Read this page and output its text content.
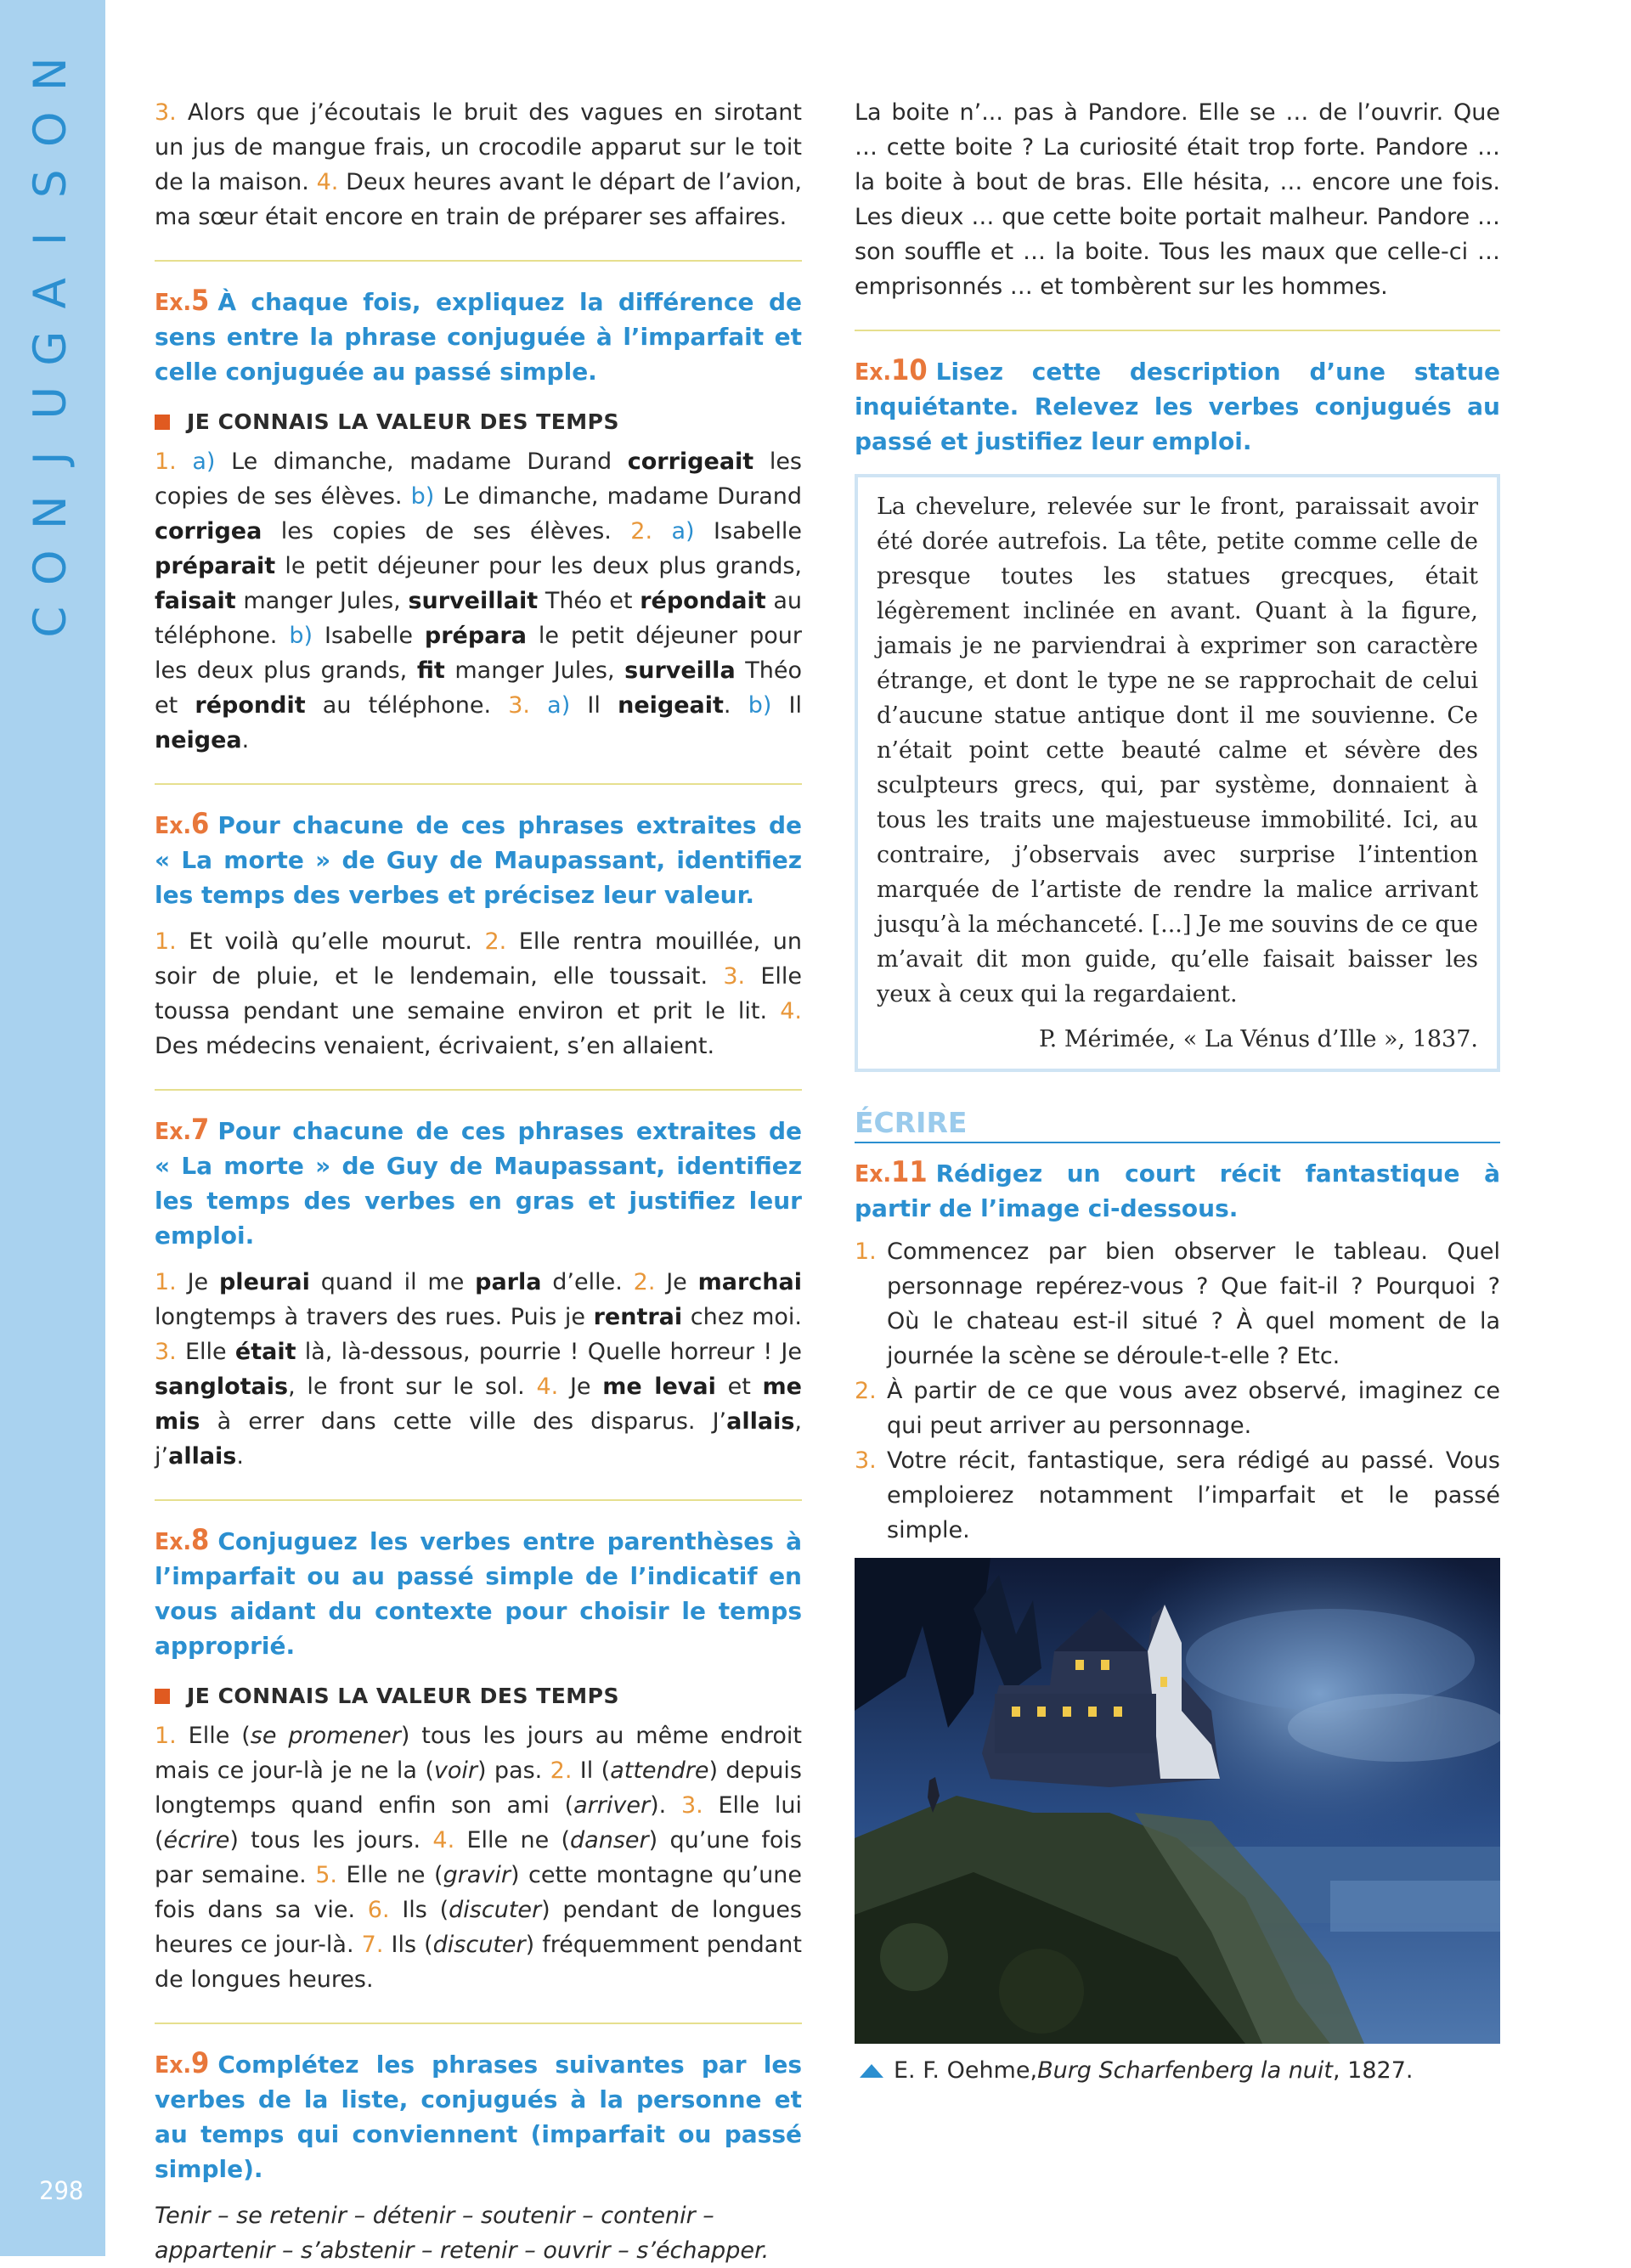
N
O
S
I
A
G
U
J
N
O
C
298

3. Alors que j’écoutais le bruit des vagues en sirotant un jus de mangue frais, un crocodile apparut sur le toit de la maison. 4. Deux heures avant le départ de l’avion, ma sœur était encore en train de préparer ses affaires.

Ex.5 À chaque fois, expliquez la différence de sens entre la phrase conjuguée à l’imparfait et celle conjuguée au passé simple.

JE CONNAIS LA VALEUR DES TEMPS

1. a) Le dimanche, madame Durand corrigeait les copies de ses élèves. b) Le dimanche, madame Durand corrigea les copies de ses élèves. 2. a) Isabelle préparait le petit déjeuner pour les deux plus grands, faisait manger Jules, surveillait Théo et répondait au téléphone. b) Isabelle prépara le petit déjeuner pour les deux plus grands, fit manger Jules, surveilla Théo et répondit au téléphone. 3. a) Il neigeait. b) Il neigea.

Ex.6 Pour chacune de ces phrases extraites de « La morte » de Guy de Maupassant, identifiez les temps des verbes et précisez leur valeur.

1. Et voilà qu’elle mourut. 2. Elle rentra mouillée, un soir de pluie, et le lendemain, elle toussait. 3. Elle toussa pendant une semaine environ et prit le lit. 4. Des médecins venaient, écrivaient, s’en allaient.

Ex.7 Pour chacune de ces phrases extraites de « La morte » de Guy de Maupassant, identifiez les temps des verbes en gras et justifiez leur emploi.

1. Je pleurai quand il me parla d’elle. 2. Je marchai longtemps à travers des rues. Puis je rentrai chez moi. 3. Elle était là, là-dessous, pourrie ! Quelle horreur ! Je sanglotais, le front sur le sol. 4. Je me levai et me mis à errer dans cette ville des disparus. J’allais, j’allais.

Ex.8 Conjuguez les verbes entre parenthèses à l’imparfait ou au passé simple de l’indicatif en vous aidant du contexte pour choisir le temps approprié.

JE CONNAIS LA VALEUR DES TEMPS

1. Elle (se promener) tous les jours au même endroit mais ce jour-là je ne la (voir) pas. 2. Il (attendre) depuis longtemps quand enfin son ami (arriver). 3. Elle lui (écrire) tous les jours. 4. Elle ne (danser) qu’une fois par semaine. 5. Elle ne (gravir) cette montagne qu’une fois dans sa vie. 6. Ils (discuter) pendant de longues heures ce jour-là. 7. Ils (discuter) fréquemment pendant de longues heures.

Ex.9 Complétez les phrases suivantes par les verbes de la liste, conjugués à la personne et au temps qui conviennent (imparfait ou passé simple).

Tenir – se retenir – détenir – soutenir – contenir – appartenir – s’abstenir – retenir – ouvrir – s’échapper.

La boite n’... pas à Pandore. Elle se … de l’ouvrir. Que … cette boite ? La curiosité était trop forte. Pandore … la boite à bout de bras. Elle hésita, … encore une fois. Les dieux … que cette boite portait malheur. Pandore … son souffle et … la boite. Tous les maux que celle-ci … emprisonnés … et tombèrent sur les hommes.

Ex.10 Lisez cette description d’une statue inquiétante. Relevez les verbes conjugués au passé et justifiez leur emploi.

La chevelure, relevée sur le front, paraissait avoir été dorée autrefois. La tête, petite comme celle de presque toutes les statues grecques, était légèrement inclinée en avant. Quant à la figure, jamais je ne parviendrai à exprimer son caractère étrange, et dont le type ne se rapprochait de celui d’aucune statue antique dont il me souvienne. Ce n’était point cette beauté calme et sévère des sculpteurs grecs, qui, par système, donnaient à tous les traits une majestueuse immobilité. Ici, au contraire, j’observais avec surprise l’intention marquée de l’artiste de rendre la malice arrivant jusqu’à la méchanceté. [...] Je me souvins de ce que m’avait dit mon guide, qu’elle faisait baisser les yeux à ceux qui la regardaient.
P. Mérimée, « La Vénus d’Ille », 1837.
ÉCRIRE

Ex.11 Rédigez un court récit fantastique à partir de l’image ci-dessous.

1. Commencez par bien observer le tableau. Quel personnage repérez-vous ? Que fait-il ? Pourquoi ? Où le chateau est-il situé ? À quel moment de la journée la scène se déroule-t-elle ? Etc.
2. À partir de ce que vous avez observé, imaginez ce qui peut arriver au personnage.
3. Votre récit, fantastique, sera rédigé au passé. Vous emploierez notamment l’imparfait et le passé simple.
E. F. Oehme, Burg Scharfenberg la nuit , 1827.
